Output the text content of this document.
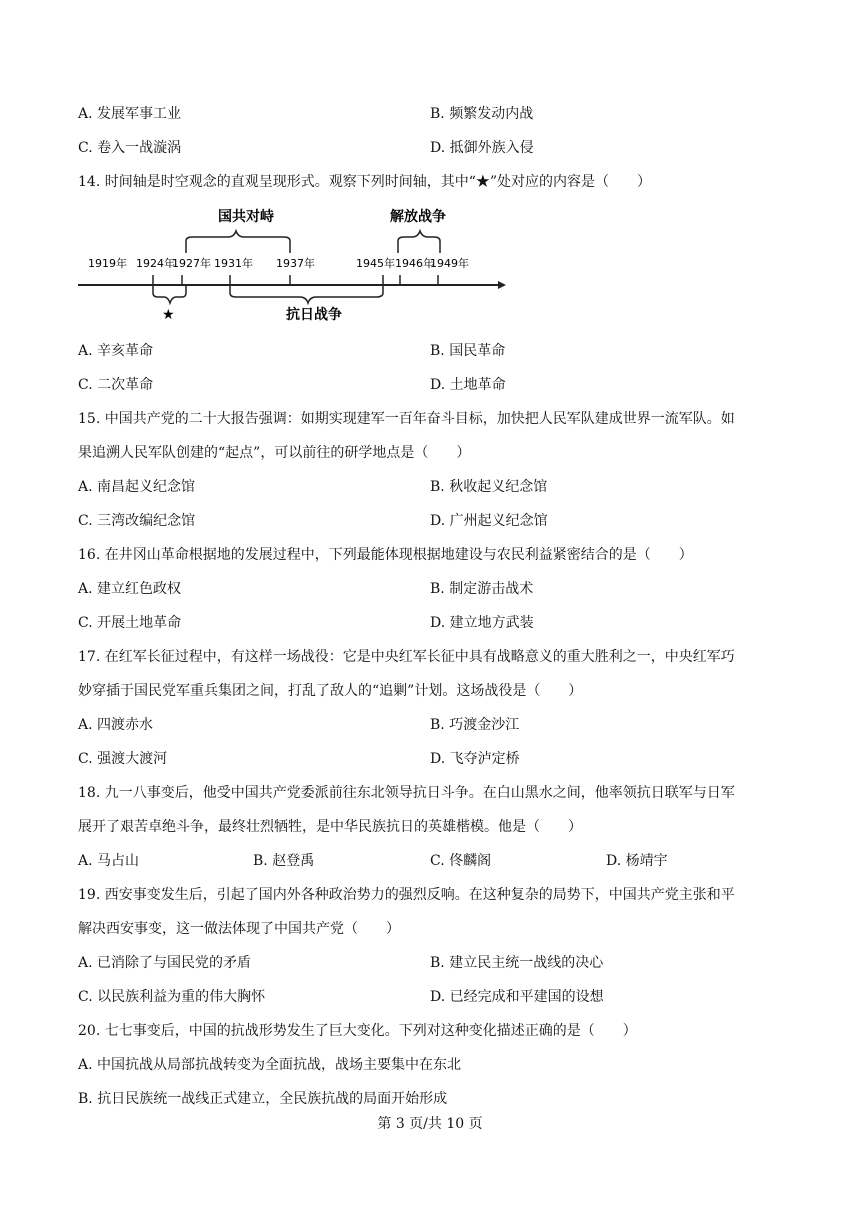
A. 发展军事工业	B. 频繁发动内战
C. 卷入一战漩涡	D. 抵御外族入侵
14. 时间轴是时空观念的直观呈现形式。观察下列时间轴，其中“★”处对应的内容是（　　）
1919年 1924年
1927年 1931年 1937年	1945年 1946年
1949年
国共对峙	解放战争
★	抗日战争
A. 辛亥革命	B. 国民革命
C. 二次革命	D. 土地革命
15. 中国共产党的二十大报告强调：如期实现建军一百年奋斗目标，加快把人民军队建成世界一流军队。如
果追溯人民军队创建的“起点”，可以前往的研学地点是（　　）
A. 南昌起义纪念馆	B. 秋收起义纪念馆
C. 三湾改编纪念馆	D. 广州起义纪念馆
16. 在井冈山革命根据地的发展过程中，下列最能体现根据地建设与农民利益紧密结合的是（　　）
A. 建立红色政权	B. 制定游击战术
C. 开展土地革命	D. 建立地方武装
17. 在红军长征过程中，有这样一场战役：它是中央红军长征中具有战略意义的重大胜利之一，中央红军巧
妙穿插于国民党军重兵集团之间，打乱了敌人的“追剿”计划。这场战役是（　　）
A. 四渡赤水	B. 巧渡金沙江
C. 强渡大渡河	D. 飞夺泸定桥
18. 九一八事变后，他受中国共产党委派前往东北领导抗日斗争。在白山黑水之间，他率领抗日联军与日军
展开了艰苦卓绝斗争，最终壮烈牺牲，是中华民族抗日的英雄楷模。他是（　　）
A. 马占山	B. 赵登禹	C. 佟麟阁	D. 杨靖宇
19. 西安事变发生后，引起了国内外各种政治势力的强烈反响。在这种复杂的局势下，中国共产党主张和平
解决西安事变，这一做法体现了中国共产党（　　）
A. 已消除了与国民党的矛盾	B. 建立民主统一战线的决心
C. 以民族利益为重的伟大胸怀	D. 已经完成和平建国的设想
20. 七七事变后，中国的抗战形势发生了巨大变化。下列对这种变化描述正确的是（　　）
A. 中国抗战从局部抗战转变为全面抗战，战场主要集中在东北
B. 抗日民族统一战线正式建立，全民族抗战的局面开始形成
第 3 页/共 10 页
